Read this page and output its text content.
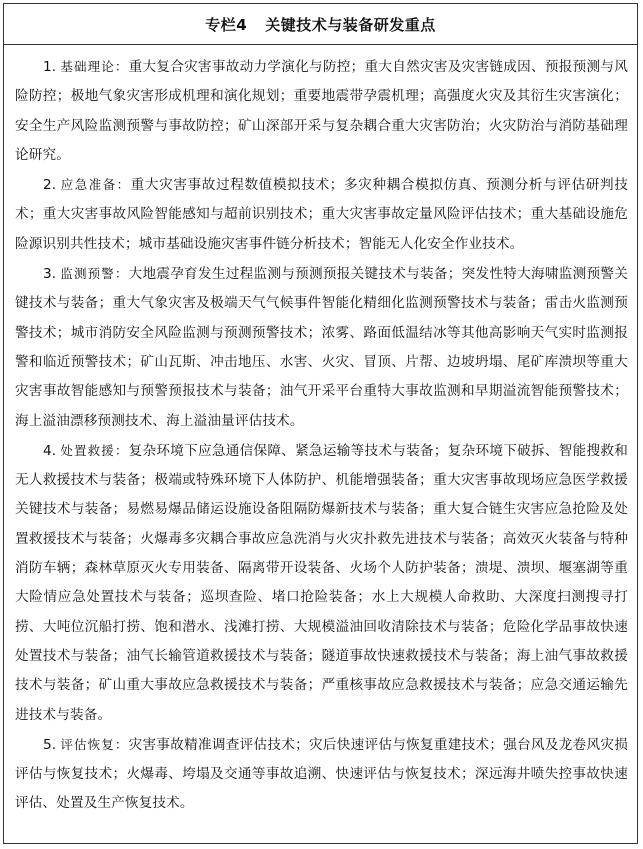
专栏4 关键技术与装备研发重点

1. 基础理论：重大复合灾害事故动力学演化与防控；重大自然灾害及灾害链成因、预报预测与风险防控；极地气象灾害形成机理和演化规划；重要地震带孕震机理；高强度火灾及其衍生灾害演化；安全生产风险监测预警与事故防控；矿山深部开采与复杂耦合重大灾害防治；火灾防治与消防基础理论研究。

2. 应急准备：重大灾害事故过程数值模拟技术；多灾种耦合模拟仿真、预测分析与评估研判技术；重大灾害事故风险智能感知与超前识别技术；重大灾害事故定量风险评估技术；重大基础设施危险源识别共性技术；城市基础设施灾害事件链分析技术；智能无人化安全作业技术。

3. 监测预警：大地震孕育发生过程监测与预测预报关键技术与装备；突发性特大海啸监测预警关键技术与装备；重大气象灾害及极端天气气候事件智能化精细化监测预警技术与装备；雷击火监测预警技术；城市消防安全风险监测与预测预警技术；浓雾、路面低温结冰等其他高影响天气实时监测报警和临近预警技术；矿山瓦斯、冲击地压、水害、火灾、冒顶、片帮、边坡坍塌、尾矿库溃坝等重大灾害事故智能感知与预警预报技术与装备；油气开采平台重特大事故监测和早期溢流智能预警技术；海上溢油漂移预测技术、海上溢油量评估技术。

4. 处置救援：复杂环境下应急通信保障、紧急运输等技术与装备；复杂环境下破拆、智能搜救和无人救援技术与装备；极端或特殊环境下人体防护、机能增强装备；重大灾害事故现场应急医学救援关键技术与装备；易燃易爆品储运设施设备阻隔防爆新技术与装备；重大复合链生灾害应急抢险及处置救援技术与装备；火爆毒多灾耦合事故应急洗消与火灾扑救先进技术与装备；高效灭火装备与特种消防车辆；森林草原灭火专用装备、隔离带开设装备、火场个人防护装备；溃堤、溃坝、堰塞湖等重大险情应急处置技术与装备；巡坝查险、堵口抢险装备；水上大规模人命救助、大深度扫测搜寻打捞、大吨位沉船打捞、饱和潜水、浅滩打捞、大规模溢油回收清除技术与装备；危险化学品事故快速处置技术与装备；油气长输管道救援技术与装备；隧道事故快速救援技术与装备；海上油气事故救援技术与装备；矿山重大事故应急救援技术与装备；严重核事故应急救援技术与装备；应急交通运输先进技术与装备。

5. 评估恢复：灾害事故精准调查评估技术；灾后快速评估与恢复重建技术；强台风及龙卷风灾损评估与恢复技术；火爆毒、垮塌及交通等事故追溯、快速评估与恢复技术；深远海井喷失控事故快速评估、处置及生产恢复技术。
